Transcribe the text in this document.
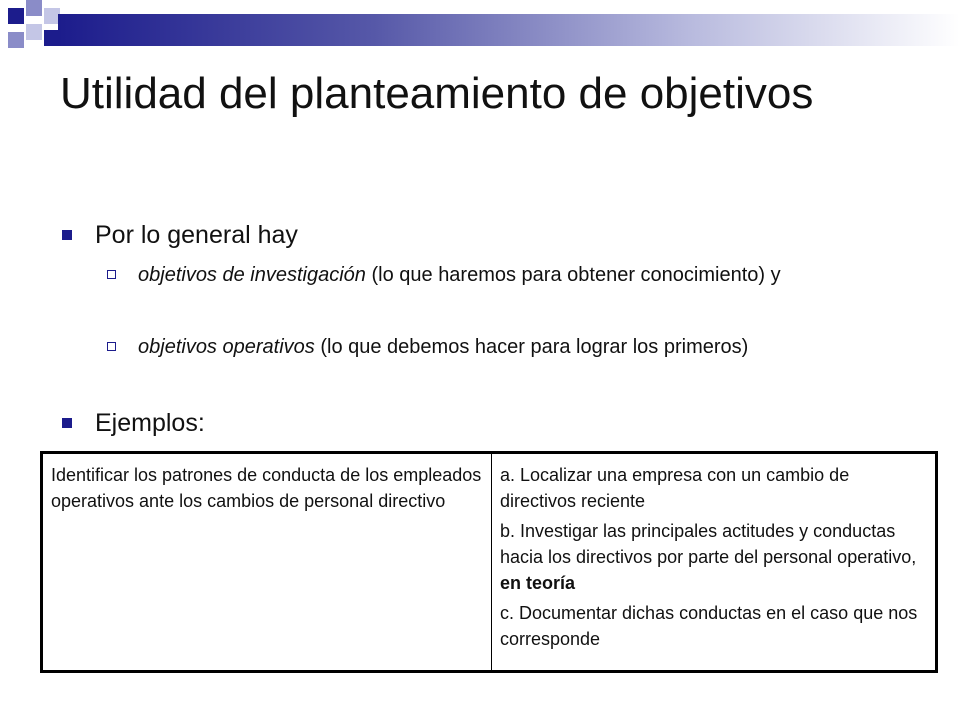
Utilidad del planteamiento de objetivos
Por lo general hay
objetivos de investigación (lo que haremos para obtener conocimiento) y
objetivos operativos (lo que debemos hacer para lograr los primeros)
Ejemplos:
Identificar los patrones de conducta de los empleados operativos ante los cambios de personal directivo

a. Localizar una empresa con un cambio de directivos reciente

b. Investigar las principales actitudes y conductas hacia los directivos por parte del personal operativo, en teoría

c. Documentar dichas conductas en el caso que nos corresponde
